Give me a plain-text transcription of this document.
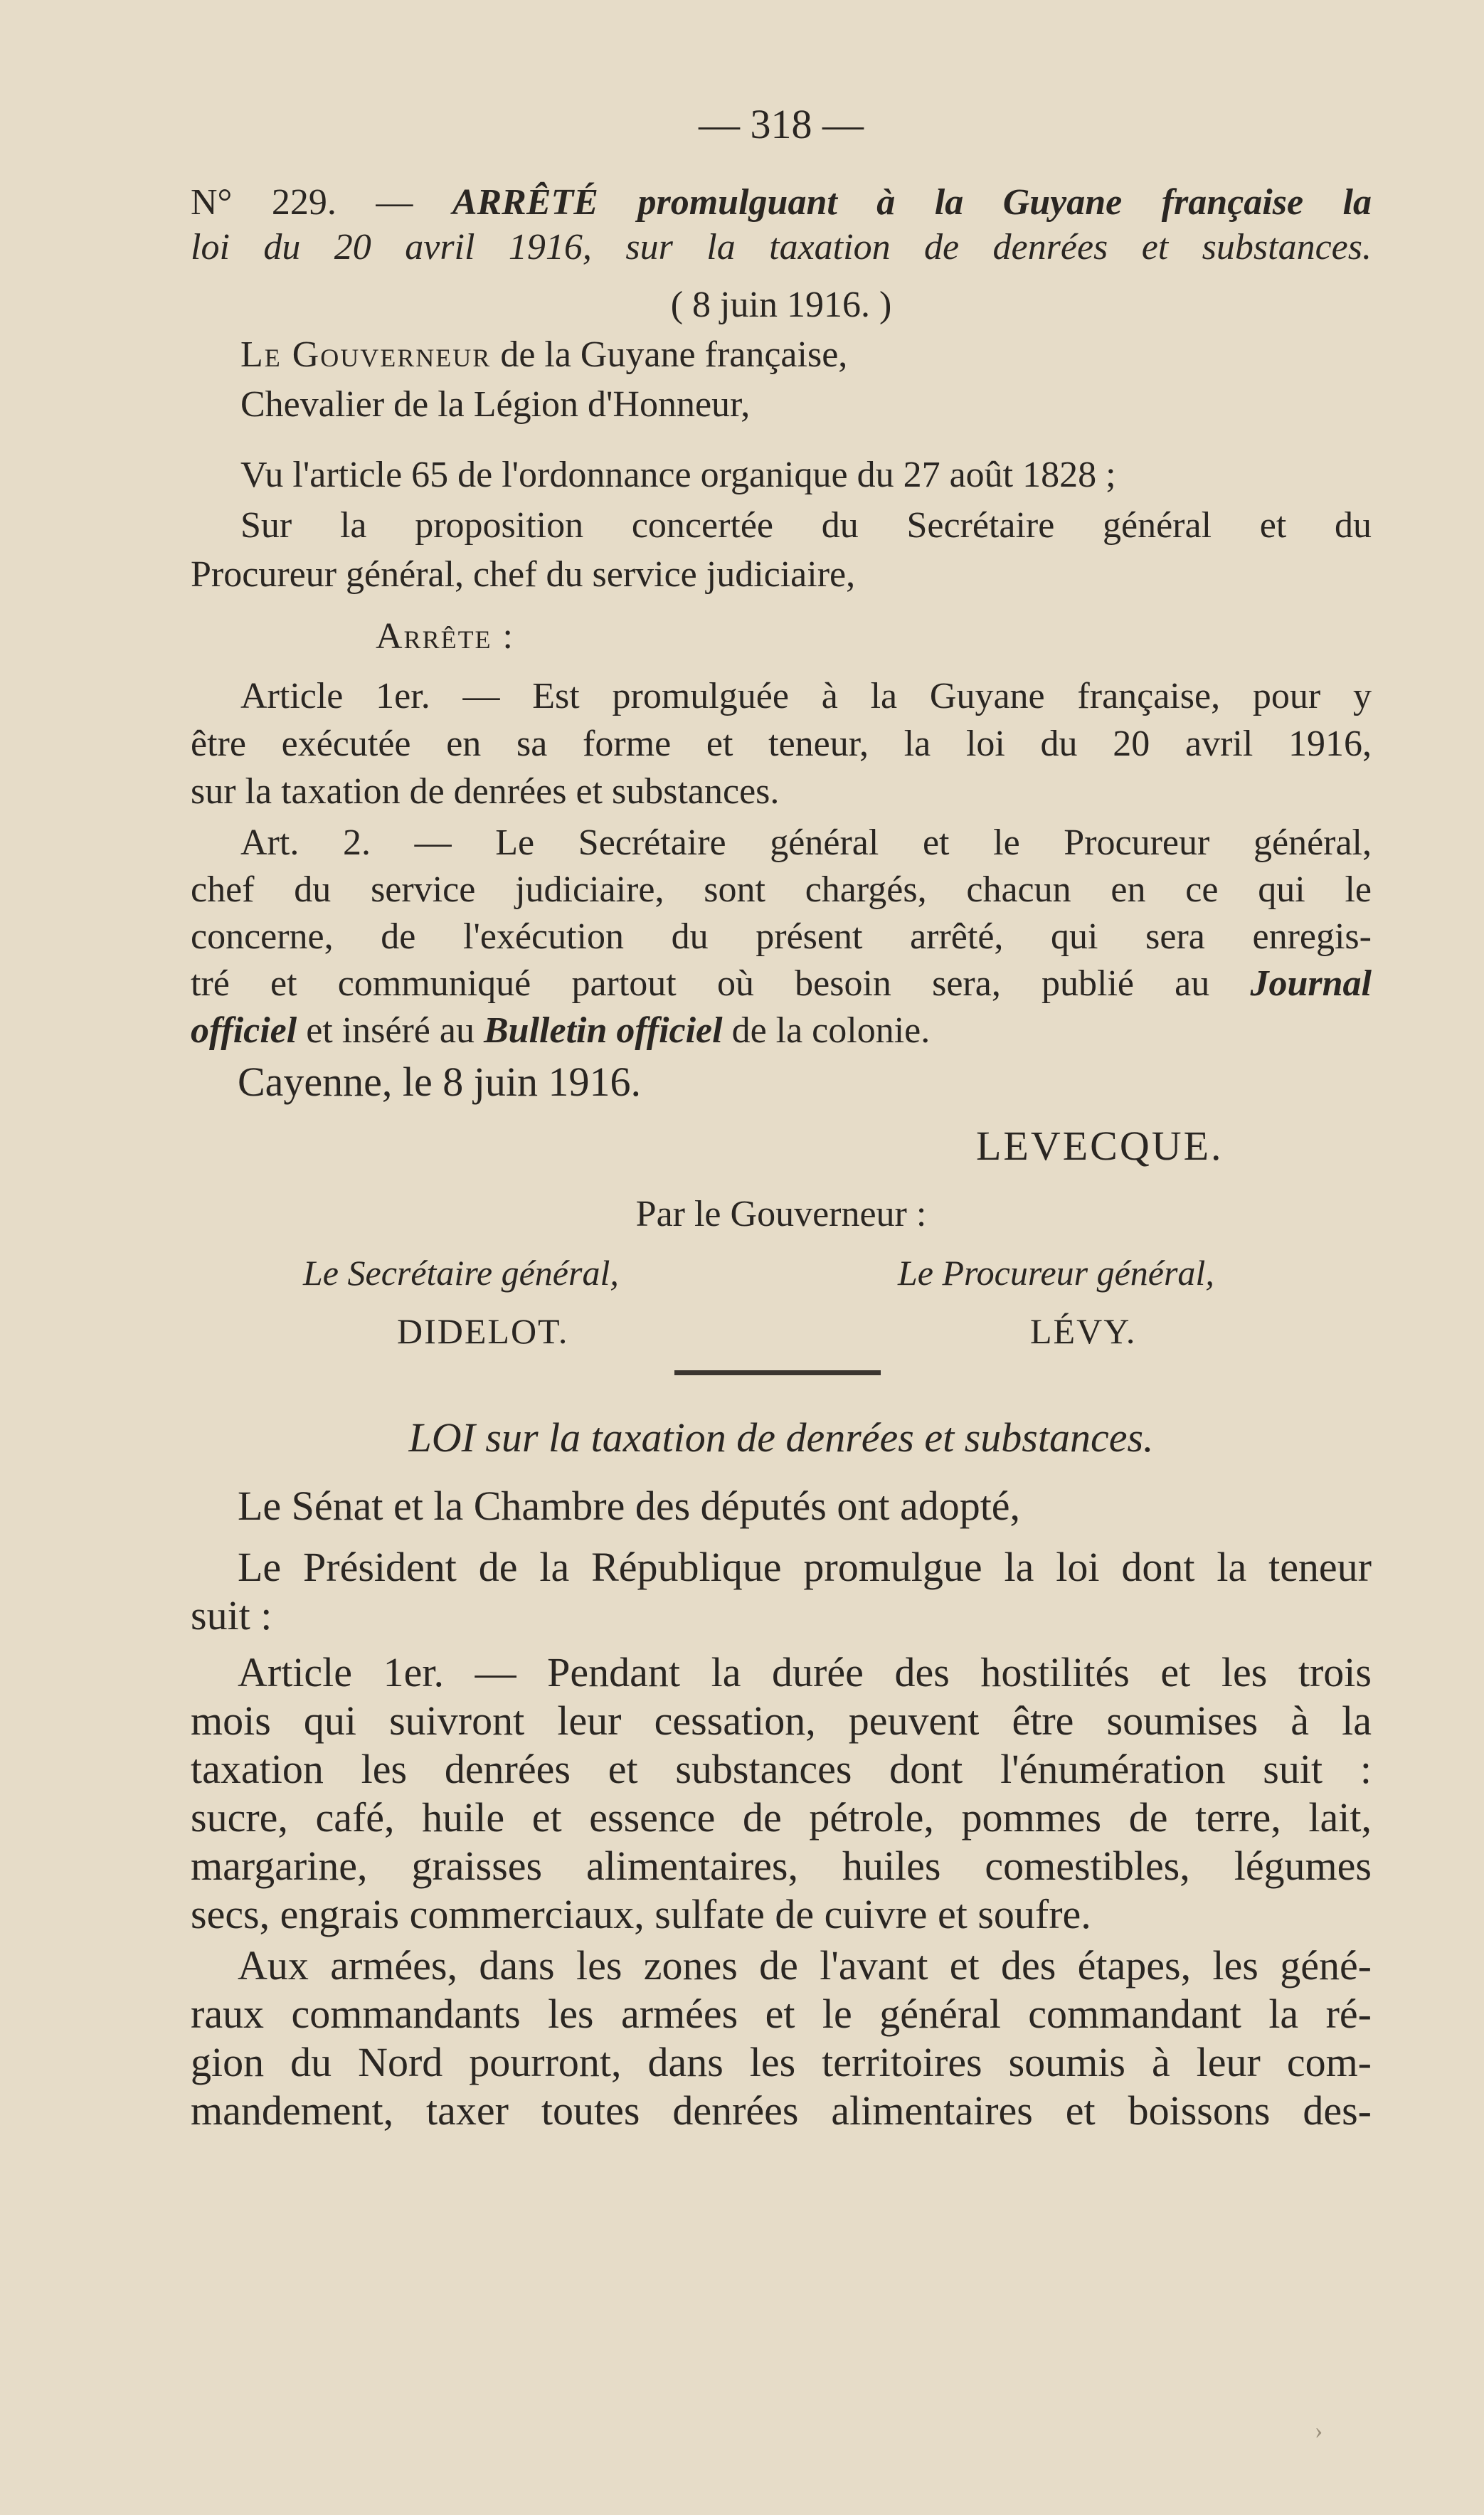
— 318 —
N° 229. — ARRÊTÉ promulguant à la Guyane française la
loi du 20 avril 1916, sur la taxation de denrées et substances.
( 8 juin 1916. )
Le Gouverneur de la Guyane française,
Chevalier de la Légion d'Honneur,
Vu l'article 65 de l'ordonnance organique du 27 août 1828 ;
Sur la proposition concertée du Secrétaire général et du
Procureur général, chef du service judiciaire,
Arrête :
Article 1er. — Est promulguée à la Guyane française, pour y
être exécutée en sa forme et teneur, la loi du 20 avril 1916,
sur la taxation de denrées et substances.
Art. 2. — Le Secrétaire général et le Procureur général,
chef du service judiciaire, sont chargés, chacun en ce qui le
concerne, de l'exécution du présent arrêté, qui sera enregis-
tré et communiqué partout où besoin sera, publié au Journal
officiel et inséré au Bulletin officiel de la colonie.
Cayenne, le 8 juin 1916.
LEVECQUE.
Par le Gouverneur :
Le Secrétaire général,
DIDELOT.
Le Procureur général,
LÉVY.
LOI sur la taxation de denrées et substances.
Le Sénat et la Chambre des députés ont adopté,
Le Président de la République promulgue la loi dont la teneur
suit :
Article 1er. — Pendant la durée des hostilités et les trois
mois qui suivront leur cessation, peuvent être soumises à la
taxation les denrées et substances dont l'énumération suit :
sucre, café, huile et essence de pétrole, pommes de terre, lait,
margarine, graisses alimentaires, huiles comestibles, légumes
secs, engrais commerciaux, sulfate de cuivre et soufre.
Aux armées, dans les zones de l'avant et des étapes, les géné-
raux commandants les armées et le général commandant la ré-
gion du Nord pourront, dans les territoires soumis à leur com-
mandement, taxer toutes denrées alimentaires et boissons des-
›
